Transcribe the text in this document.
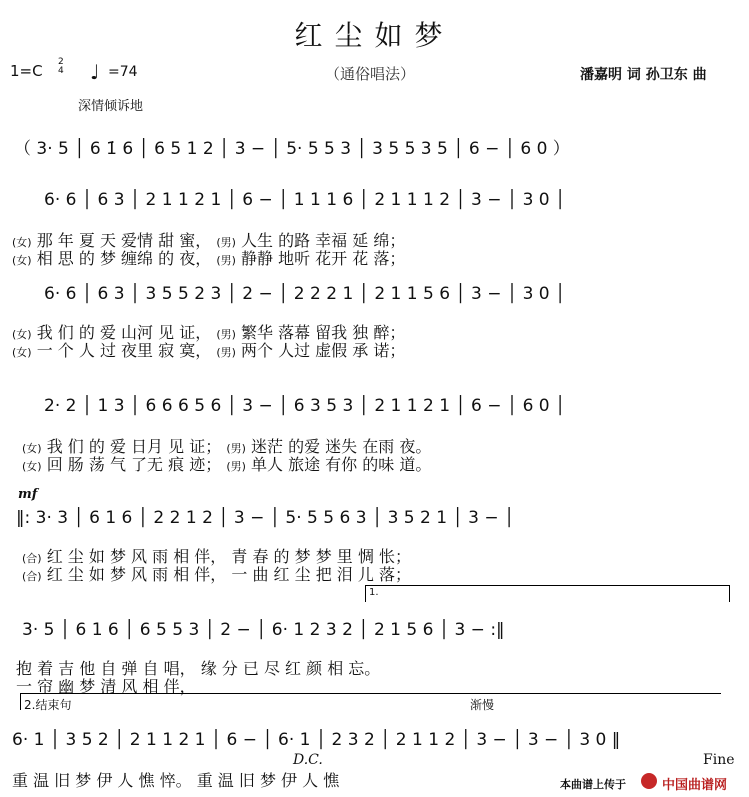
红尘如梦
1=C 2
4 ♩ =74	（通俗唱法）	潘嘉明 词 孙卫东 曲
深情倾诉地
（ 3· 5 │ 6 1̇ 6 │ 6 5 1 2 │ 3 − │ 5· 5 5 3 │ 3 5 5 3 5 │ 6 − │ 6 0 ）
6· 6 │ 6 3 │ 2 1 1 2 1 │ 6 − │ 1 1 1 6 │ 2 1 1 1 2 │ 3 − │ 3 0 │
(女) 那 年 夏 天 爱情 甜 蜜， (男) 人生 的路 幸福 延 绵；
(女) 相 思 的 梦 缠绵 的 夜， (男) 静静 地听 花开 花 落；
6· 6 │ 6 3 │ 3 5 5 2 3 │ 2 − │ 2 2 2 1 │ 2 1 1 5 6 │ 3 − │ 3 0 │
(女) 我 们 的 爱 山河 见 证， (男) 繁华 落幕 留我 独 醉；
(女) 一 个 人 过 夜里 寂 寞， (男) 两个 人过 虚假 承 诺；
2· 2 │ 1 3 │ 6 6 6 5 6 │ 3 − │ 6 3 5 3 │ 2 1 1 2 1 │ 6 − │ 6 0 │
(女) 我 们 的 爱 日月 见 证； (男) 迷茫 的爱 迷失 在雨 夜。
(女) 回 肠 荡 气 了无 痕 迹； (男) 单人 旅途 有你 的味 道。
mf
‖: 3· 3 │ 6 1 6 │ 2 2 1 2 │ 3 − │ 5· 5 5 6 3 │ 3 5 2 1 │ 3 − │
(合) 红 尘 如 梦 风 雨 相 伴， 青 春 的 梦 梦 里 惆 怅；
(合) 红 尘 如 梦 风 雨 相 伴， 一 曲 红 尘 把 泪 儿 落；
1.
3· 5 │ 6 1 6 │ 6 5 5 3 │ 2 − │ 6· 1 2 3 2 │ 2 1 5 6 │ 3 − :‖
抱 着 吉 他 自 弹 自 唱， 缘 分 已 尽 红 颜 相 忘。
一 帘 幽 梦 清 风 相 伴，
2.结束句	渐慢
6· 1 │ 3 5 2 │ 2 1 1 2 1 │ 6 − │ 6· 1 │ 2 3 2 │ 2 1 1 2 │ 3 − │ 3 − │ 3 0 ‖
D.C.	Fine
重 温 旧 梦 伊 人 憔 悴。 重 温 旧 梦 伊 人 憔	本曲谱上传于	中国曲谱网
